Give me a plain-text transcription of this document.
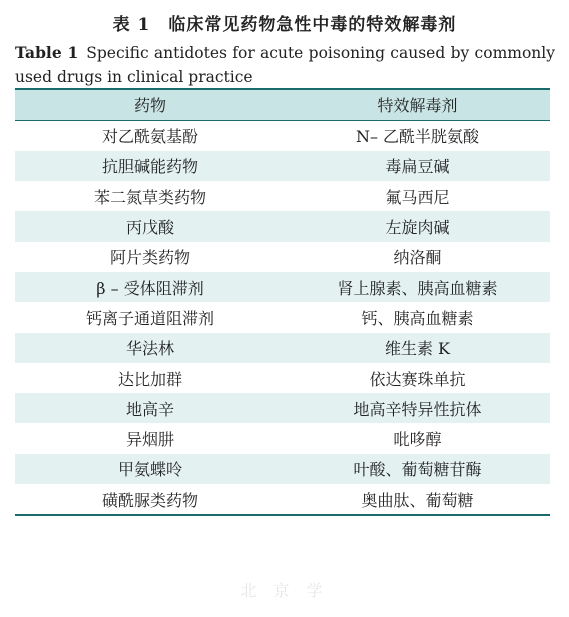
表 1　临床常见药物急性中毒的特效解毒剂
Table 1 Specific antidotes for acute poisoning caused by commonly used drugs in clinical practice
药物	特效解毒剂
对乙酰氨基酚	N– 乙酰半胱氨酸
抗胆碱能药物	毒扁豆碱
苯二氮草类药物	氟马西尼
丙戊酸	左旋肉碱
阿片类药物	纳洛酮
β – 受体阻滞剂	肾上腺素、胰高血糖素
钙离子通道阻滞剂	钙、胰高血糖素
华法林	维生素 K
达比加群	依达赛珠单抗
地高辛	地高辛特异性抗体
异烟肼	吡哆醇
甲氨蝶呤	叶酸、葡萄糖苷酶
磺酰脲类药物	奥曲肽、葡萄糖
北 京 学
